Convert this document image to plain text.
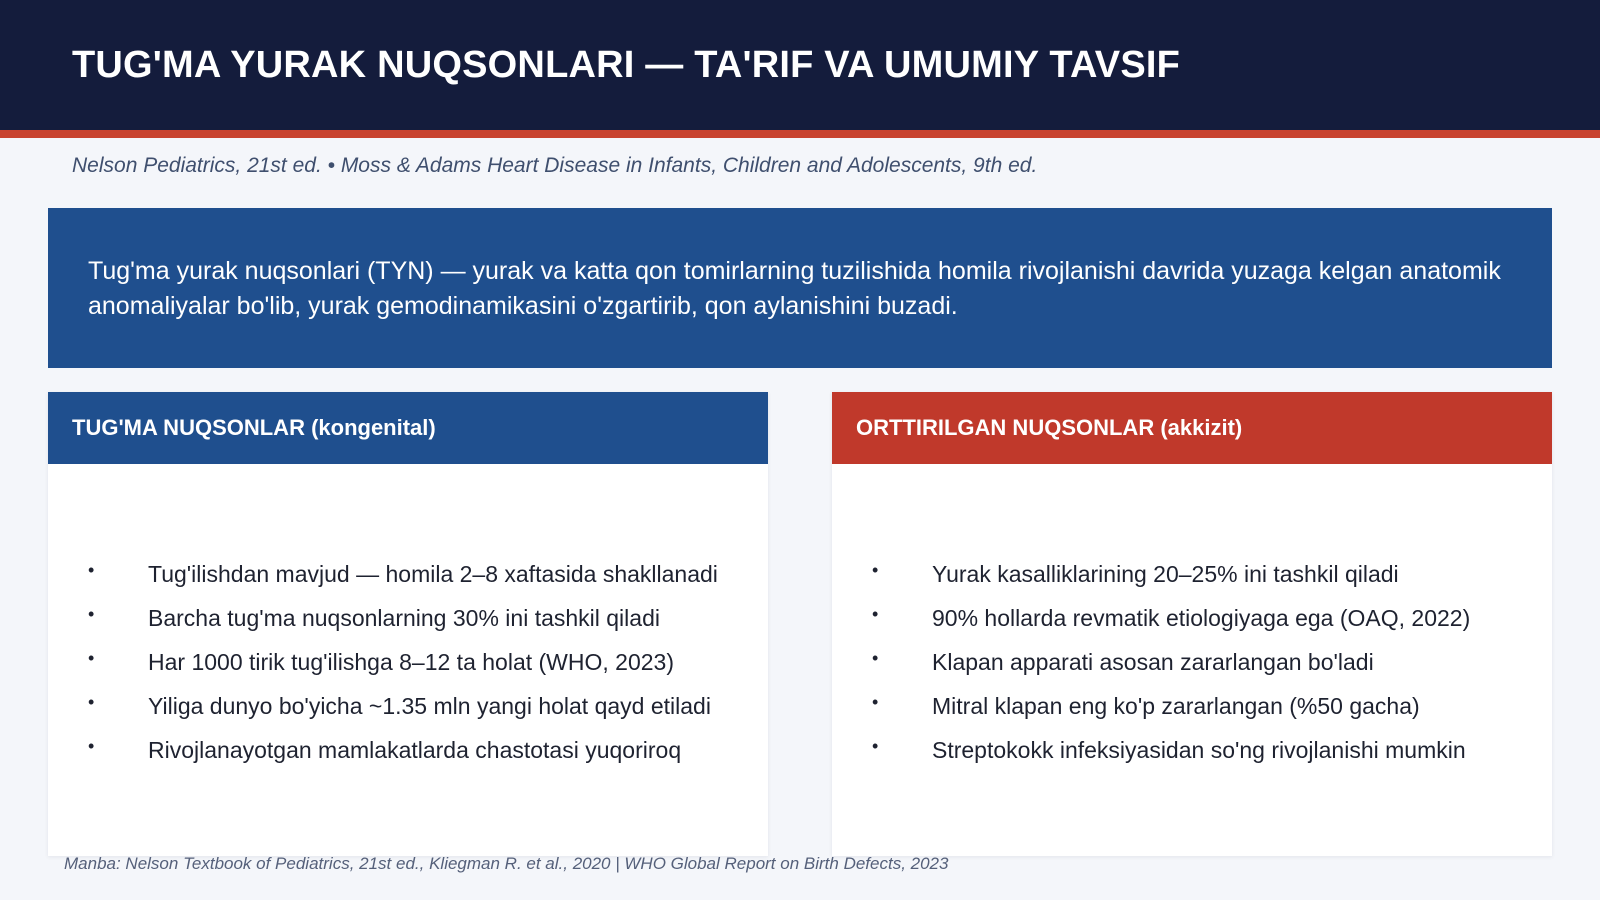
TUG'MA YURAK NUQSONLARI — TA'RIF VA UMUMIY TAVSIF
Nelson Pediatrics, 21st ed. • Moss & Adams Heart Disease in Infants, Children and Adolescents, 9th ed.

Tug'ma yurak nuqsonlari (TYN) — yurak va katta qon tomirlarning tuzilishida homila rivojlanishi davrida yuzaga kelgan anatomik anomaliyalar bo'lib, yurak gemodinamikasini o'zgartirib, qon aylanishini buzadi.

TUG'MA NUQSONLAR (kongenital)
• Tug'ilishdan mavjud — homila 2–8 xaftasida shakllanadi
• Barcha tug'ma nuqsonlarning 30% ini tashkil qiladi
• Har 1000 tirik tug'ilishga 8–12 ta holat (WHO, 2023)
• Yiliga dunyo bo'yicha ~1.35 mln yangi holat qayd etiladi
• Rivojlanayotgan mamlakatlarda chastotasi yuqoriroq
ORTTIRILGAN NUQSONLAR (akkizit)
• Yurak kasalliklarining 20–25% ini tashkil qiladi
• 90% hollarda revmatik etiologiyaga ega (OAQ, 2022)
• Klapan apparati asosan zararlangan bo'ladi
• Mitral klapan eng ko'p zararlangan (%50 gacha)
• Streptokokk infeksiyasidan so'ng rivojlanishi mumkin
Manba: Nelson Textbook of Pediatrics, 21st ed., Kliegman R. et al., 2020 | WHO Global Report on Birth Defects, 2023
